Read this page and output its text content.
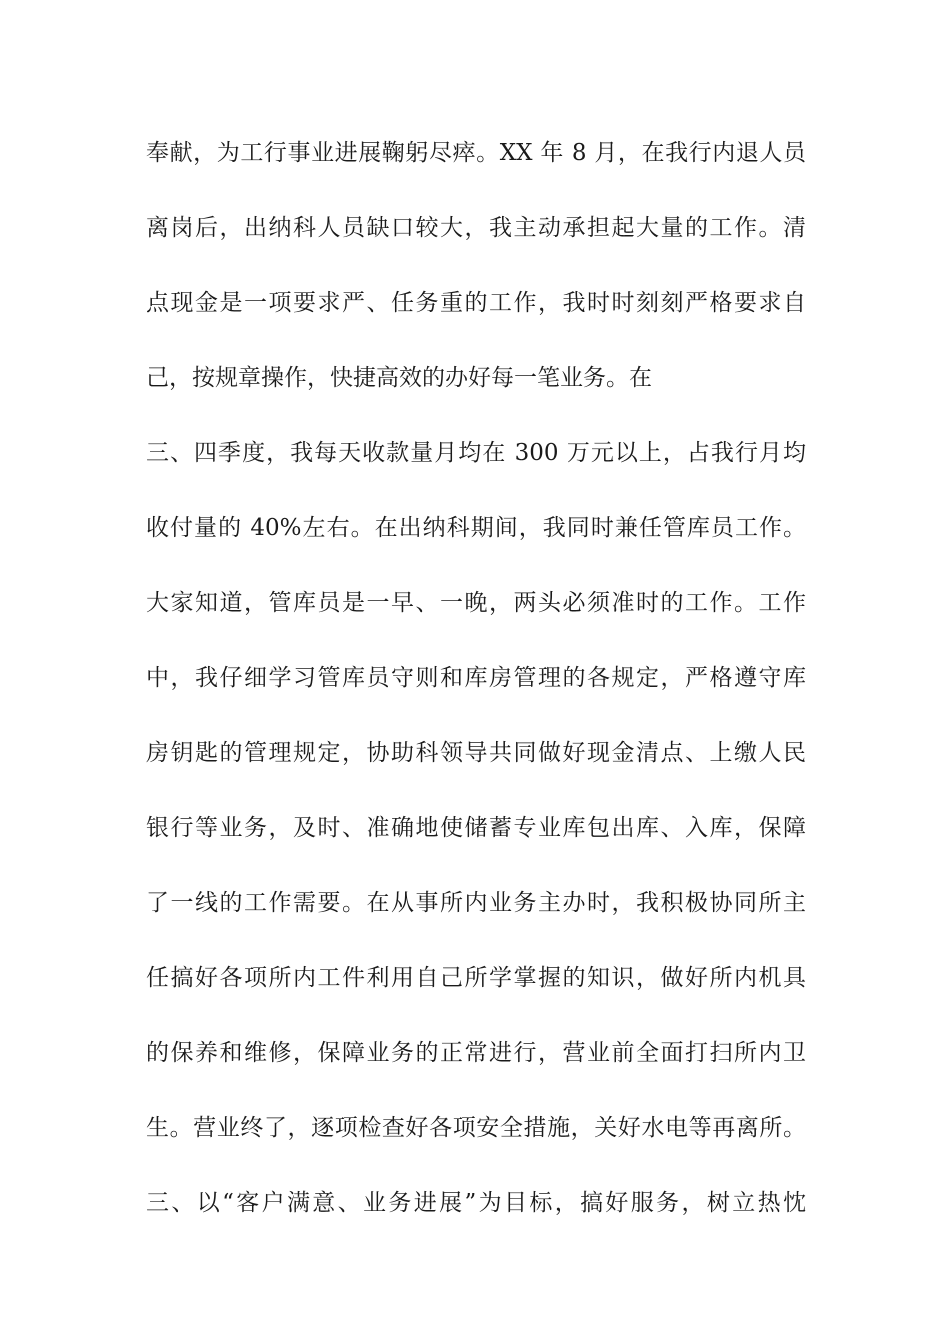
奉献，为工行事业进展鞠躬尽瘁。XX 年 8 月，在我行内退人员
离岗后，出纳科人员缺口较大，我主动承担起大量的工作。清
点现金是一项要求严、任务重的工作，我时时刻刻严格要求自
己，按规章操作，快捷高效的办好每一笔业务。在
三、四季度，我每天收款量月均在 300 万元以上，占我行月均
收付量的 40%左右。在出纳科期间，我同时兼任管库员工作。
大家知道，管库员是一早、一晚，两头必须准时的工作。工作
中，我仔细学习管库员守则和库房管理的各规定，严格遵守库
房钥匙的管理规定，协助科领导共同做好现金清点、上缴人民
银行等业务，及时、准确地使储蓄专业库包出库、入库，保障
了一线的工作需要。在从事所内业务主办时，我积极协同所主
任搞好各项所内工件利用自己所学掌握的知识，做好所内机具
的保养和维修，保障业务的正常进行，营业前全面打扫所内卫
生。营业终了，逐项检查好各项安全措施，关好水电等再离所。
三、以“客户满意、业务进展”为目标，搞好服务，树立热忱
